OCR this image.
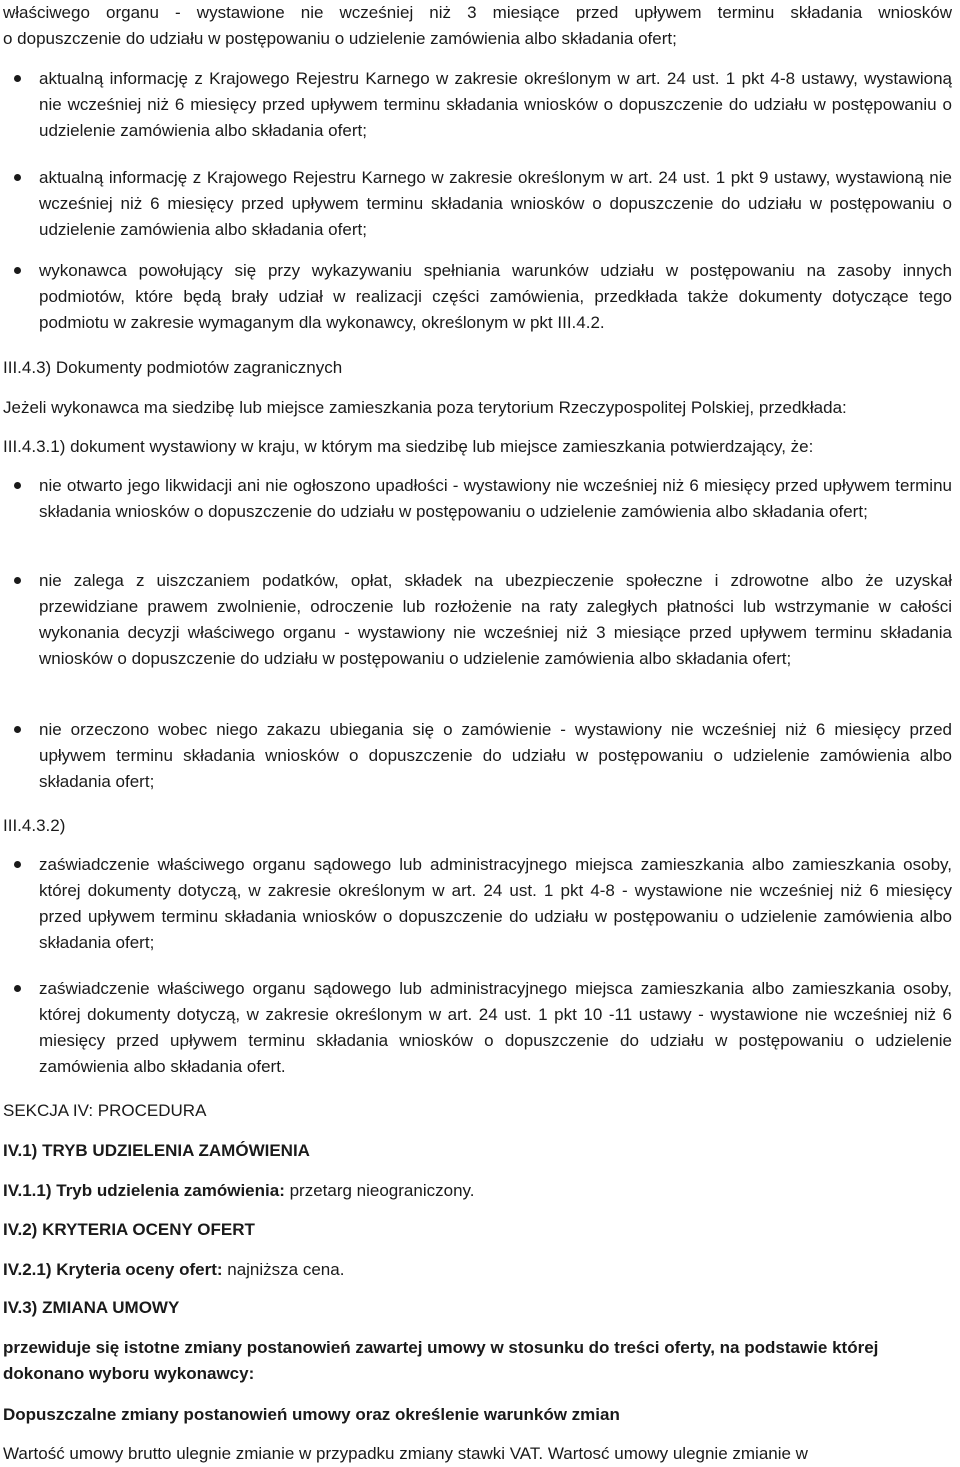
właściwego organu - wystawione nie wcześniej niż 3 miesiące przed upływem terminu składania wniosków
o dopuszczenie do udziału w postępowaniu o udzielenie zamówienia albo składania ofert;
aktualną informację z Krajowego Rejestru Karnego w zakresie określonym w art. 24 ust. 1 pkt 4-8 ustawy, wystawioną nie wcześniej niż 6 miesięcy przed upływem terminu składania wniosków o dopuszczenie do udziału w postępowaniu o udzielenie zamówienia albo składania ofert;
aktualną informację z Krajowego Rejestru Karnego w zakresie określonym w art. 24 ust. 1 pkt 9 ustawy, wystawioną nie wcześniej niż 6 miesięcy przed upływem terminu składania wniosków o dopuszczenie do udziału w postępowaniu o udzielenie zamówienia albo składania ofert;
wykonawca powołujący się przy wykazywaniu spełniania warunków udziału w postępowaniu na zasoby innych podmiotów, które będą brały udział w realizacji części zamówienia, przedkłada także dokumenty dotyczące tego podmiotu w zakresie wymaganym dla wykonawcy, określonym w pkt III.4.2.
III.4.3) Dokumenty podmiotów zagranicznych
Jeżeli wykonawca ma siedzibę lub miejsce zamieszkania poza terytorium Rzeczypospolitej Polskiej, przedkłada:
III.4.3.1) dokument wystawiony w kraju, w którym ma siedzibę lub miejsce zamieszkania potwierdzający, że:
nie otwarto jego likwidacji ani nie ogłoszono upadłości - wystawiony nie wcześniej niż 6 miesięcy przed upływem terminu składania wniosków o dopuszczenie do udziału w postępowaniu o udzielenie zamówienia albo składania ofert;
nie zalega z uiszczaniem podatków, opłat, składek na ubezpieczenie społeczne i zdrowotne albo że uzyskał przewidziane prawem zwolnienie, odroczenie lub rozłożenie na raty zaległych płatności lub wstrzymanie w całości wykonania decyzji właściwego organu - wystawiony nie wcześniej niż 3 miesiące przed upływem terminu składania wniosków o dopuszczenie do udziału w postępowaniu o udzielenie zamówienia albo składania ofert;
nie orzeczono wobec niego zakazu ubiegania się o zamówienie - wystawiony nie wcześniej niż 6 miesięcy przed upływem terminu składania wniosków o dopuszczenie do udziału w postępowaniu o udzielenie zamówienia albo składania ofert;
III.4.3.2)
zaświadczenie właściwego organu sądowego lub administracyjnego miejsca zamieszkania albo zamieszkania osoby, której dokumenty dotyczą, w zakresie określonym w art. 24 ust. 1 pkt 4-8 - wystawione nie wcześniej niż 6 miesięcy przed upływem terminu składania wniosków o dopuszczenie do udziału w postępowaniu o udzielenie zamówienia albo składania ofert;
zaświadczenie właściwego organu sądowego lub administracyjnego miejsca zamieszkania albo zamieszkania osoby, której dokumenty dotyczą, w zakresie określonym w art. 24 ust. 1 pkt 10 -11 ustawy - wystawione nie wcześniej niż 6 miesięcy przed upływem terminu składania wniosków o dopuszczenie do udziału w postępowaniu o udzielenie zamówienia albo składania ofert.
SEKCJA IV: PROCEDURA
IV.1) TRYB UDZIELENIA ZAMÓWIENIA
IV.1.1) Tryb udzielenia zamówienia: przetarg nieograniczony.
IV.2) KRYTERIA OCENY OFERT
IV.2.1) Kryteria oceny ofert: najniższa cena.
IV.3) ZMIANA UMOWY
przewiduje się istotne zmiany postanowień zawartej umowy w stosunku do treści oferty, na podstawie której dokonano wyboru wykonawcy:
Dopuszczalne zmiany postanowień umowy oraz określenie warunków zmian
Wartość umowy brutto ulegnie zmianie w przypadku zmiany stawki VAT. Wartosć umowy ulegnie zmianie w
